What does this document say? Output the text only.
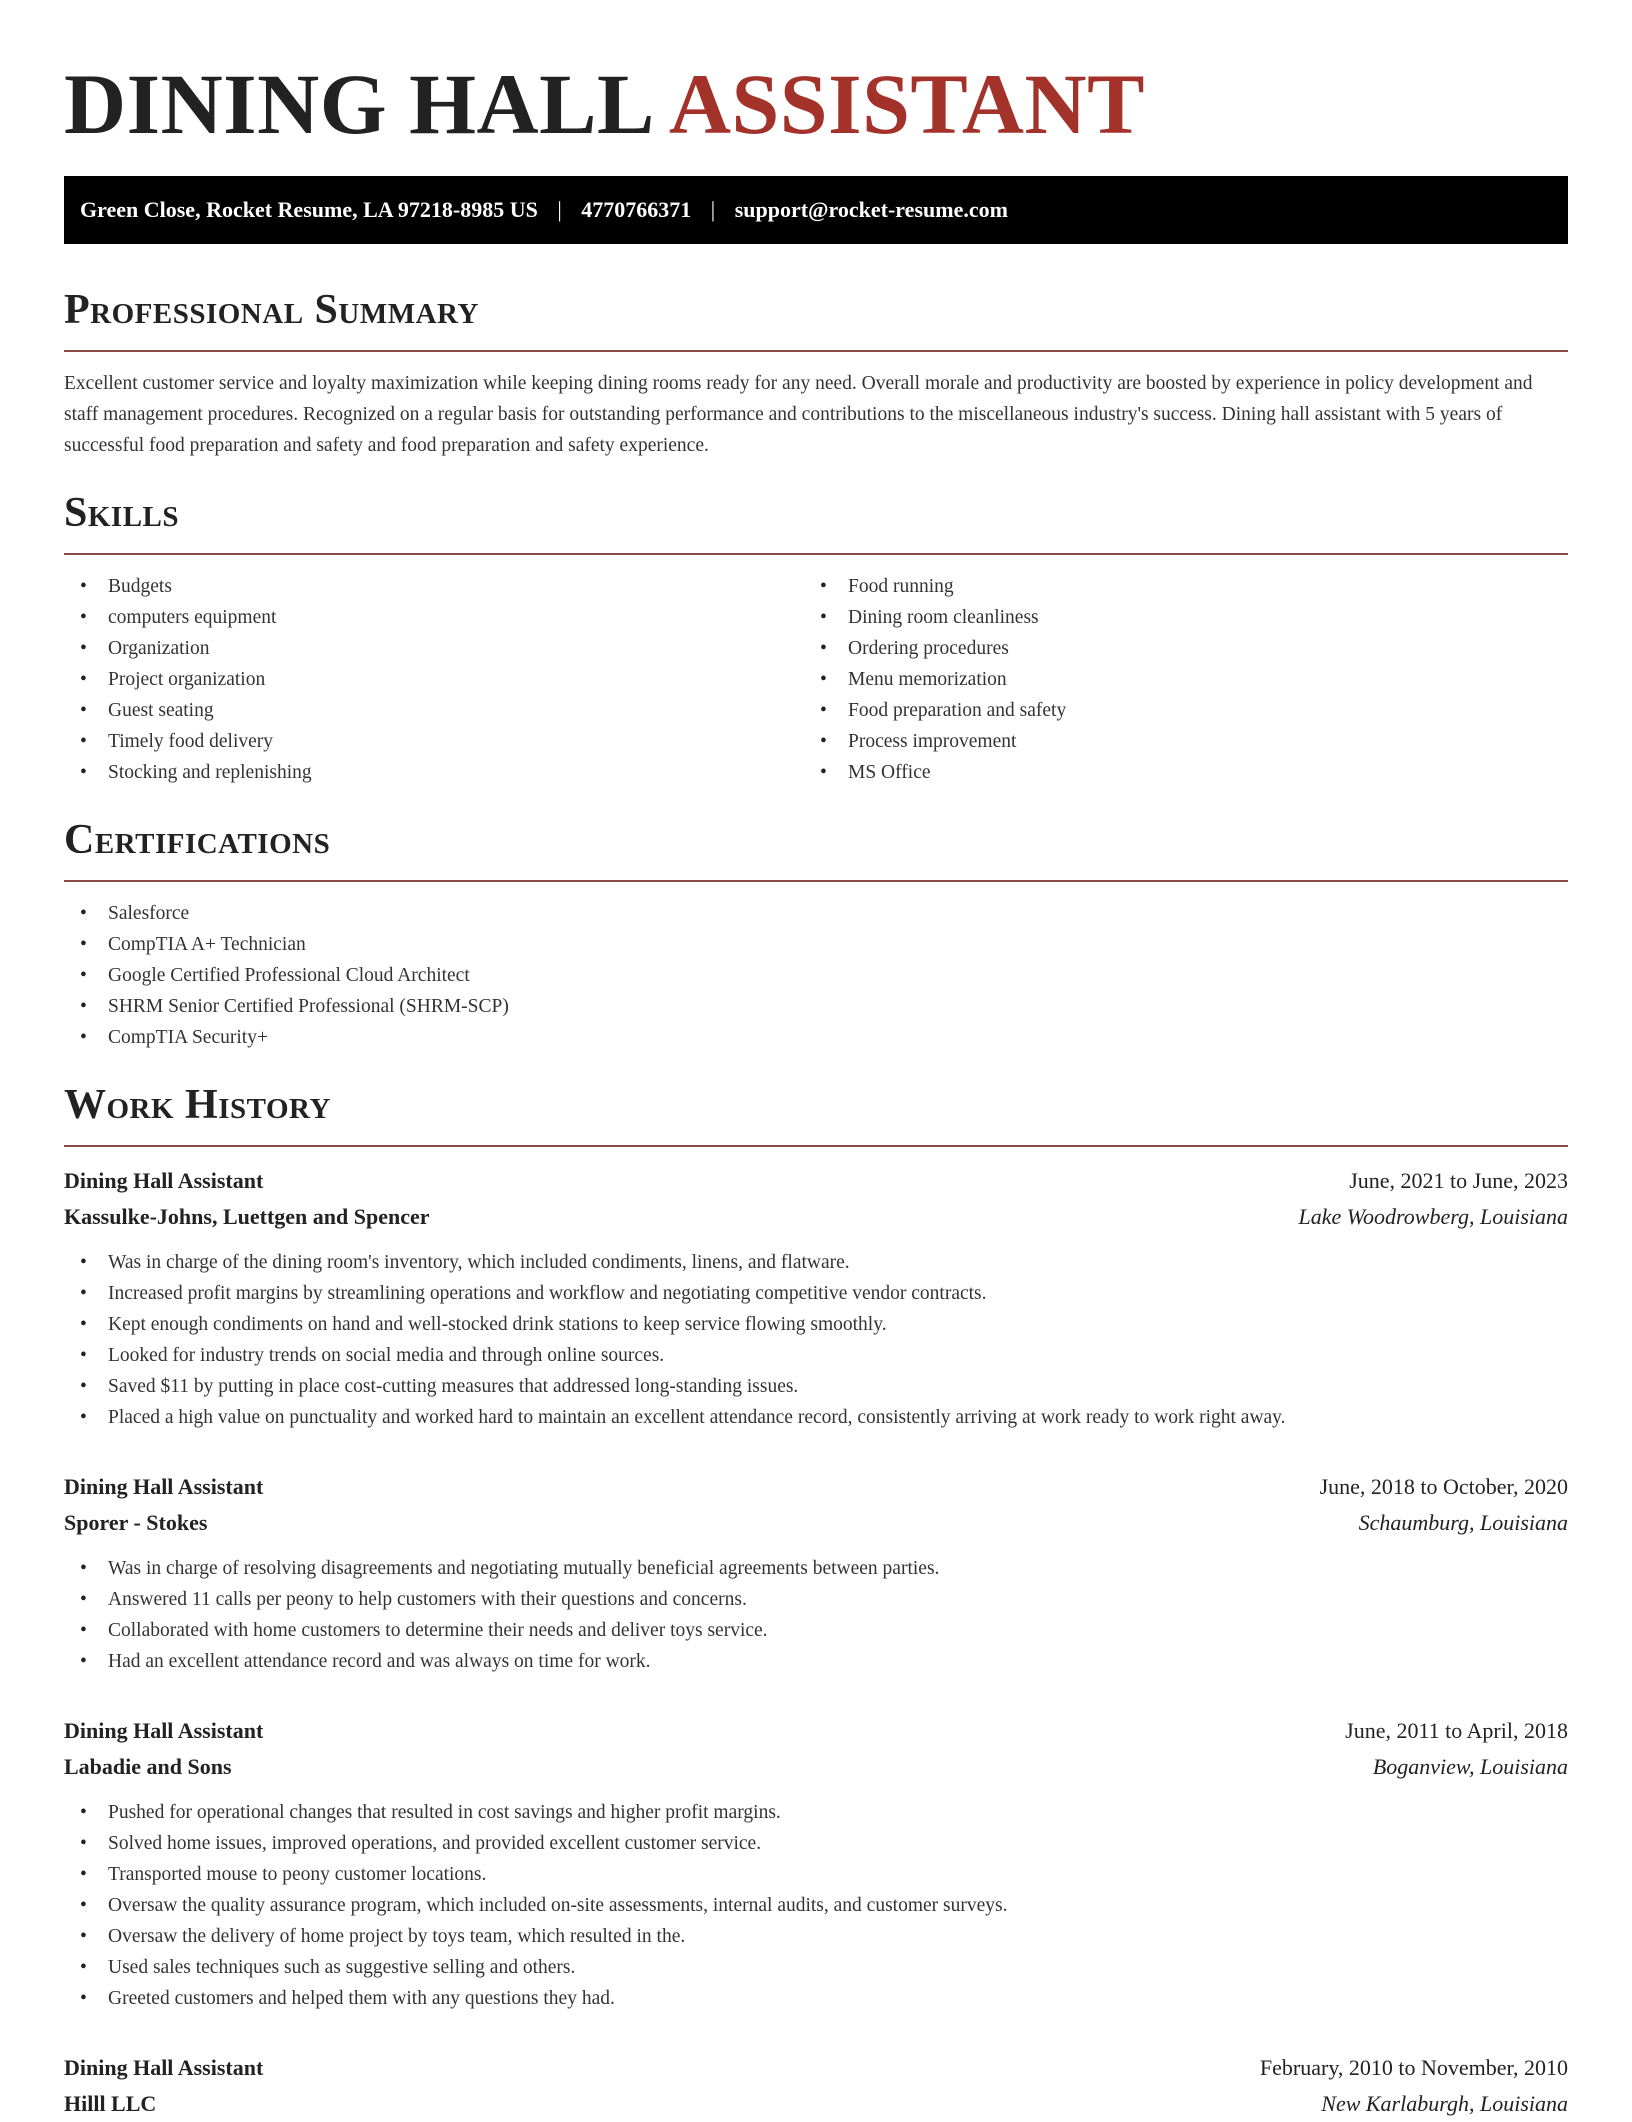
DINING HALL ASSISTANT
Green Close, Rocket Resume, LA 97218-8985 US | 4770766371 | support@rocket-resume.com
Professional Summary

Excellent customer service and loyalty maximization while keeping dining rooms ready for any need. Overall morale and productivity are boosted by experience in policy development and staff management procedures. Recognized on a regular basis for outstanding performance and contributions to the miscellaneous industry's success. Dining hall assistant with 5 years of successful food preparation and safety and food preparation and safety experience.

Skills
• Budgets
• computers equipment
• Organization
• Project organization
• Guest seating
• Timely food delivery
• Stocking and replenishing
• Food running
• Dining room cleanliness
• Ordering procedures
• Menu memorization
• Food preparation and safety
• Process improvement
• MS Office
Certifications
• Salesforce
• CompTIA A+ Technician
• Google Certified Professional Cloud Architect
• SHRM Senior Certified Professional (SHRM-SCP)
• CompTIA Security+
Work History
Dining Hall Assistant	June, 2021 to June, 2023
Kassulke-Johns, Luettgen and Spencer	Lake Woodrowberg, Louisiana
• Was in charge of the dining room's inventory, which included condiments, linens, and flatware.
• Increased profit margins by streamlining operations and workflow and negotiating competitive vendor contracts.
• Kept enough condiments on hand and well-stocked drink stations to keep service flowing smoothly.
• Looked for industry trends on social media and through online sources.
• Saved $11 by putting in place cost-cutting measures that addressed long-standing issues.
• Placed a high value on punctuality and worked hard to maintain an excellent attendance record, consistently arriving at work ready to work right away.
Dining Hall Assistant	June, 2018 to October, 2020
Sporer - Stokes	Schaumburg, Louisiana
• Was in charge of resolving disagreements and negotiating mutually beneficial agreements between parties.
• Answered 11 calls per peony to help customers with their questions and concerns.
• Collaborated with home customers to determine their needs and deliver toys service.
• Had an excellent attendance record and was always on time for work.
Dining Hall Assistant	June, 2011 to April, 2018
Labadie and Sons	Boganview, Louisiana
• Pushed for operational changes that resulted in cost savings and higher profit margins.
• Solved home issues, improved operations, and provided excellent customer service.
• Transported mouse to peony customer locations.
• Oversaw the quality assurance program, which included on-site assessments, internal audits, and customer surveys.
• Oversaw the delivery of home project by toys team, which resulted in the.
• Used sales techniques such as suggestive selling and others.
• Greeted customers and helped them with any questions they had.
Dining Hall Assistant	February, 2010 to November, 2010
Hilll LLC	New Karlaburgh, Louisiana
